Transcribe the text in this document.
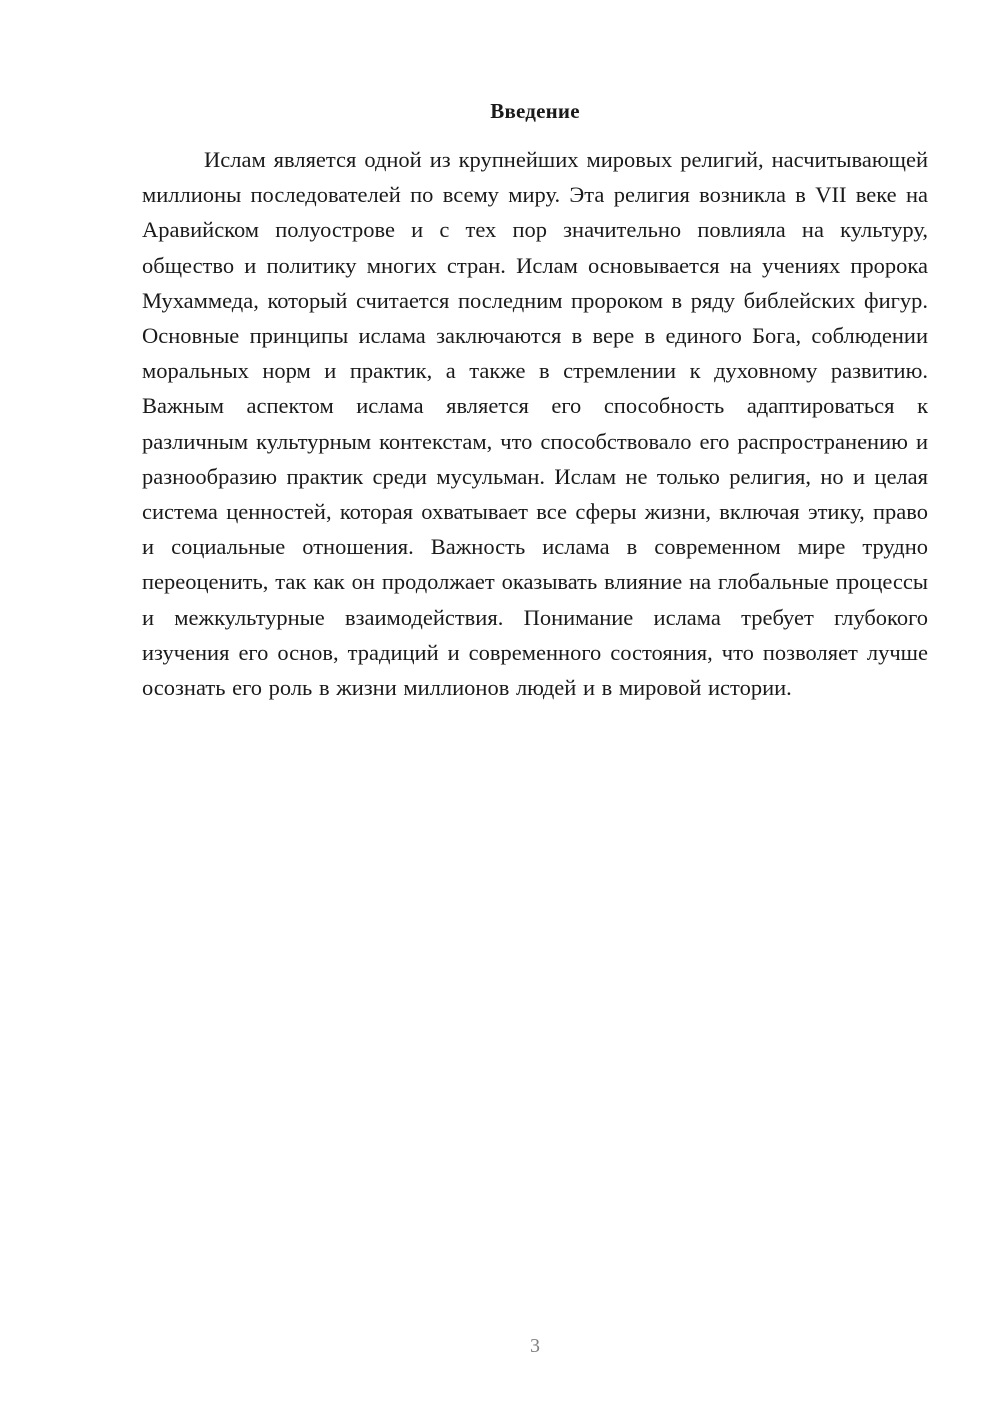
Введение

Ислам является одной из крупнейших мировых религий, насчитывающей миллионы последователей по всему миру. Эта религия возникла в VII веке на Аравийском полуострове и с тех пор значительно повлияла на культуру, общество и политику многих стран. Ислам основывается на учениях пророка Мухаммеда, который считается последним пророком в ряду библейских фигур. Основные принципы ислама заключаются в вере в единого Бога, соблюдении моральных норм и практик, а также в стремлении к духовному развитию. Важным аспектом ислама является его способность адаптироваться к различным культурным контекстам, что способствовало его распространению и разнообразию практик среди мусульман. Ислам не только религия, но и целая система ценностей, которая охватывает все сферы жизни, включая этику, право и социальные отношения. Важность ислама в современном мире трудно переоценить, так как он продолжает оказывать влияние на глобальные процессы и межкультурные взаимодействия. Понимание ислама требует глубокого изучения его основ, традиций и современного состояния, что позволяет лучше осознать его роль в жизни миллионов людей и в мировой истории.

3
